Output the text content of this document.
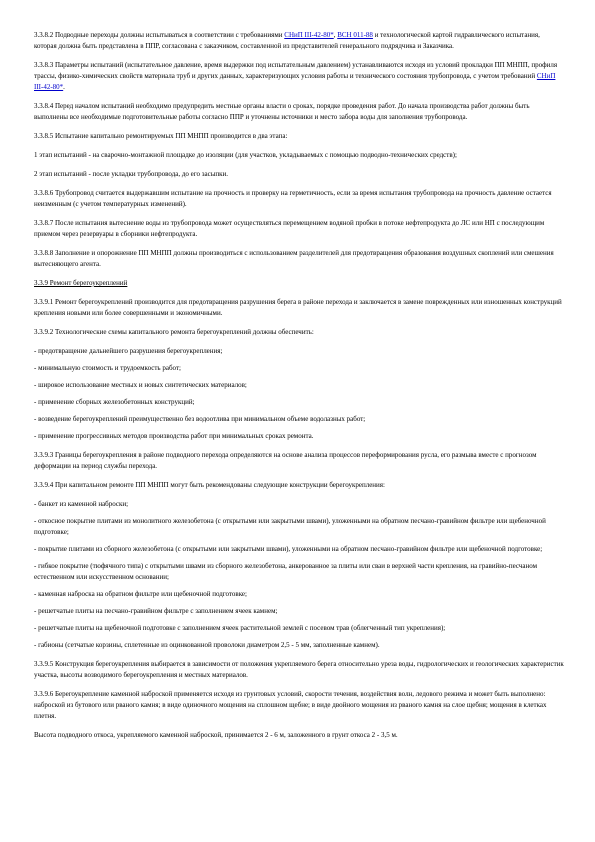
3.3.8.2 Подводные переходы должны испытываться в соответствии с требованиями СНиП III-42-80*, ВСН 011-88 и технологической картой гидравлического испытания, которая должна быть представлена в ППР, согласована с заказчиком, составленной из представителей генерального подрядчика и Заказчика.

3.3.8.3 Параметры испытаний (испытательное давление, время выдержки под испытательным давлением) устанавливаются исходя из условий прокладки ПП МНПП, профиля трассы, физико-химических свойств материала труб и других данных, характеризующих условия работы и технического состояния трубопровода, с учетом требований СНиП III-42-80*.

3.3.8.4 Перед началом испытаний необходимо предупредить местные органы власти о сроках, порядке проведения работ. До начала производства работ должны быть выполнены все необходимые подготовительные работы согласно ППР и уточнены источники и место забора воды для заполнения трубопровода.

3.3.8.5 Испытание капитально ремонтируемых ПП МНПП производится в два этапа:

1 этап испытаний - на сварочно-монтажной площадке до изоляции (для участков, укладываемых с помощью подводно-технических средств);

2 этап испытаний - после укладки трубопровода, до его засыпки.

3.3.8.6 Трубопровод считается выдержавшим испытание на прочность и проверку на герметичность, если за время испытания трубопровода на прочность давление остается неизменным (с учетом температурных изменений).

3.3.8.7 После испытания вытеснение воды из трубопровода может осуществляться перемещением водяной пробки в потоке нефтепродукта до ЛС или НП с последующим приемом через резервуары в сборники нефтепродукта.

3.3.8.8 Заполнение и опорожнение ПП МНПП должны производиться с использованием разделителей для предотвращения образования воздушных скоплений или смешения вытесняющего агента.

3.3.9 Ремонт берегоукреплений

3.3.9.1 Ремонт берегоукреплений производится для предотвращения разрушения берега в районе перехода и заключается в замене поврежденных или изношенных конструкций крепления новыми или более совершенными и экономичными.

3.3.9.2 Технологические схемы капитального ремонта берегоукреплений должны обеспечить:

- предотвращение дальнейшего разрушения берегоукрепления;

- минимальную стоимость и трудоемкость работ;

- широкое использование местных и новых синтетических материалов;

- применение сборных железобетонных конструкций;

- возведение берегоукреплений преимущественно без водоотлива при минимальном объеме водолазных работ;

- применение прогрессивных методов производства работ при минимальных сроках ремонта.

3.3.9.3 Границы берегоукрепления в районе подводного перехода определяются на основе анализа процессов переформирования русла, его размыва вместе с прогнозом деформации на период службы перехода.

3.3.9.4 При капитальном ремонте ПП МНПП могут быть рекомендованы следующие конструкции берегоукрепления:

- банкет из каменной наброски;

- откосное покрытие плитами из монолитного железобетона (с открытыми или закрытыми швами), уложенными на обратном песчано-гравийном фильтре или щебеночной подготовке;

- покрытие плитами из сборного железобетона (с открытыми или закрытыми швами), уложенными на обратном песчано-гравийном фильтре или щебеночной подготовке;

- гибкое покрытие (тюфячного типа) с открытыми швами из сборного железобетона, анкерованное за плиты или сваи в верхней части крепления, на гравийно-песчаном естественном или искусственном основании;

- каменная наброска на обратном фильтре или щебеночной подготовке;

- решетчатые плиты на песчано-гравийном фильтре с заполнением ячеек камнем;

- решетчатые плиты на щебеночной подготовке с заполнением ячеек растительной землей с посевом трав (облегченный тип укрепления);

- габионы (сетчатые корзины, сплетенные из оцинкованной проволоки диаметром 2,5 - 5 мм, заполненные камнем).

3.3.9.5 Конструкция берегоукрепления выбирается в зависимости от положения укрепляемого берега относительно уреза воды, гидрологических и геологических характеристик участка, высоты возводимого берегоукрепления и местных материалов.

3.3.9.6 Берегоукрепление каменной наброской применяется исходя из грунтовых условий, скорости течения, воздействия волн, ледового режима и может быть выполнено: наброской из бутового или рваного камня; в виде одиночного мощения на сплошном щебне; в виде двойного мощения из рваного камня на слое щебня; мощения в клетках плетня.

Высота подводного откоса, укрепляемого каменной наброской, принимается 2 - 6 м, заложенного в грунт откоса 2 - 3,5 м.
